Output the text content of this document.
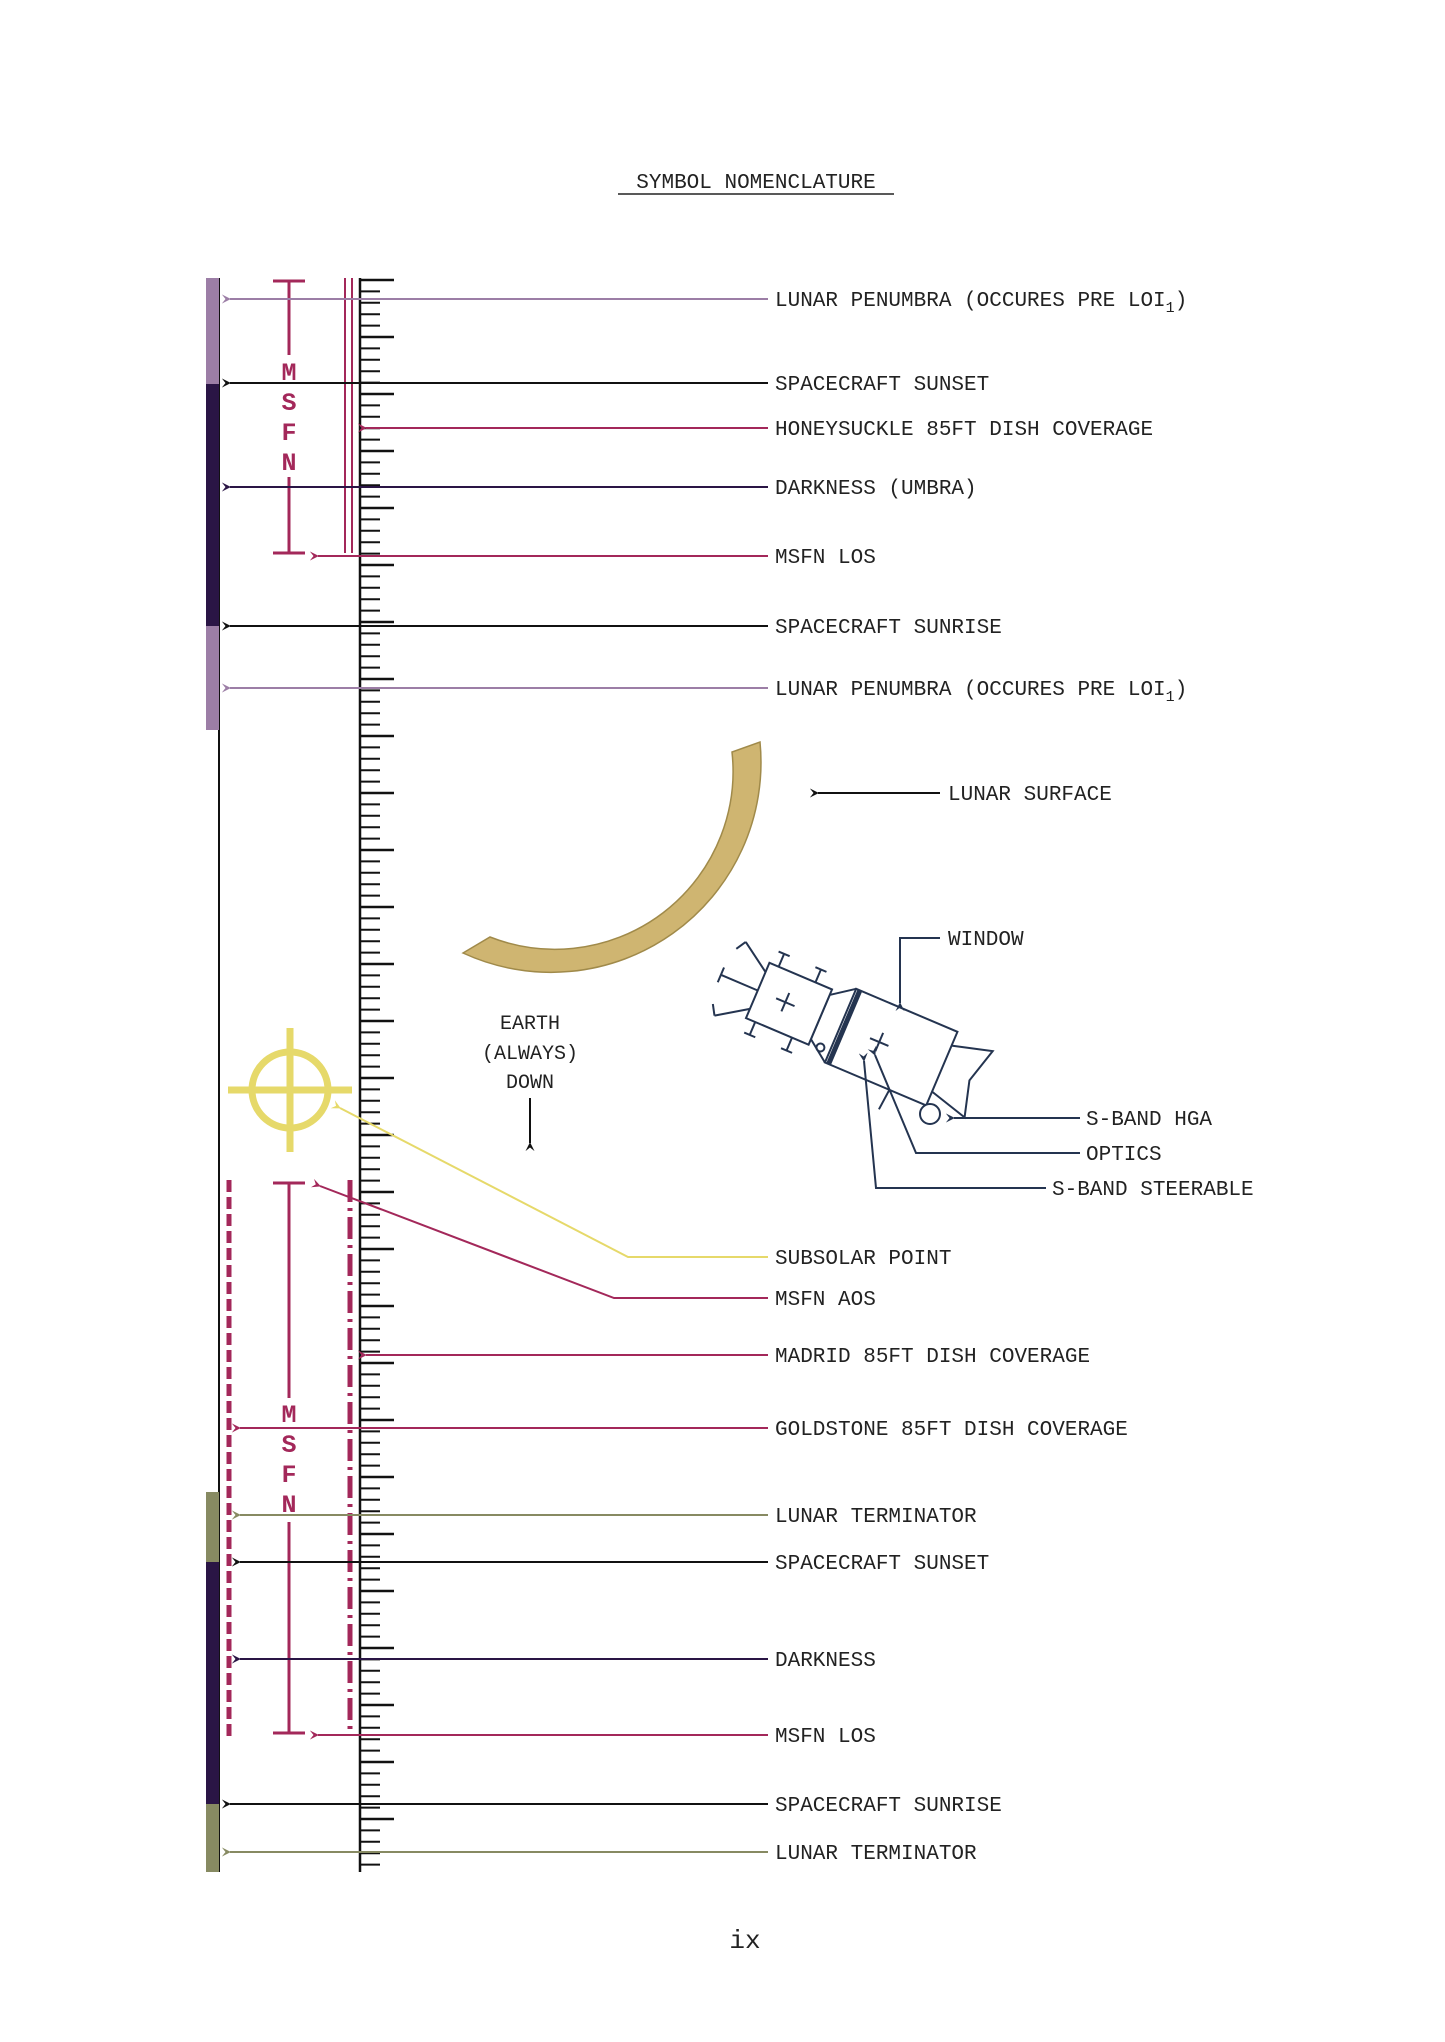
SYMBOL NOMENCLATURE
M
S
F
N
LUNAR PENUMBRA (OCCURES PRE $LOI_1$)
SPACECRAFT SUNSET
HONEYSUCKLE 85FT DISH COVERAGE
DARKNESS (UMBRA)
MSFN LOS
SPACECRAFT SUNRISE
LUNAR PENUMBRA (OCCURES PRE $LOI_1$)
LUNAR SURFACE
EARTH
(ALWAYS)
DOWN
WINDOW
S-BAND HGA
OPTICS
S-BAND STEERABLE
SUBSOLAR POINT
M
S
F
N
MSFN AOS
MADRID 85FT DISH COVERAGE
GOLDSTONE 85FT DISH COVERAGE
LUNAR TERMINATOR
SPACECRAFT SUNSET
DARKNESS
MSFN LOS
SPACECRAFT SUNRISE
LUNAR TERMINATOR
ix
